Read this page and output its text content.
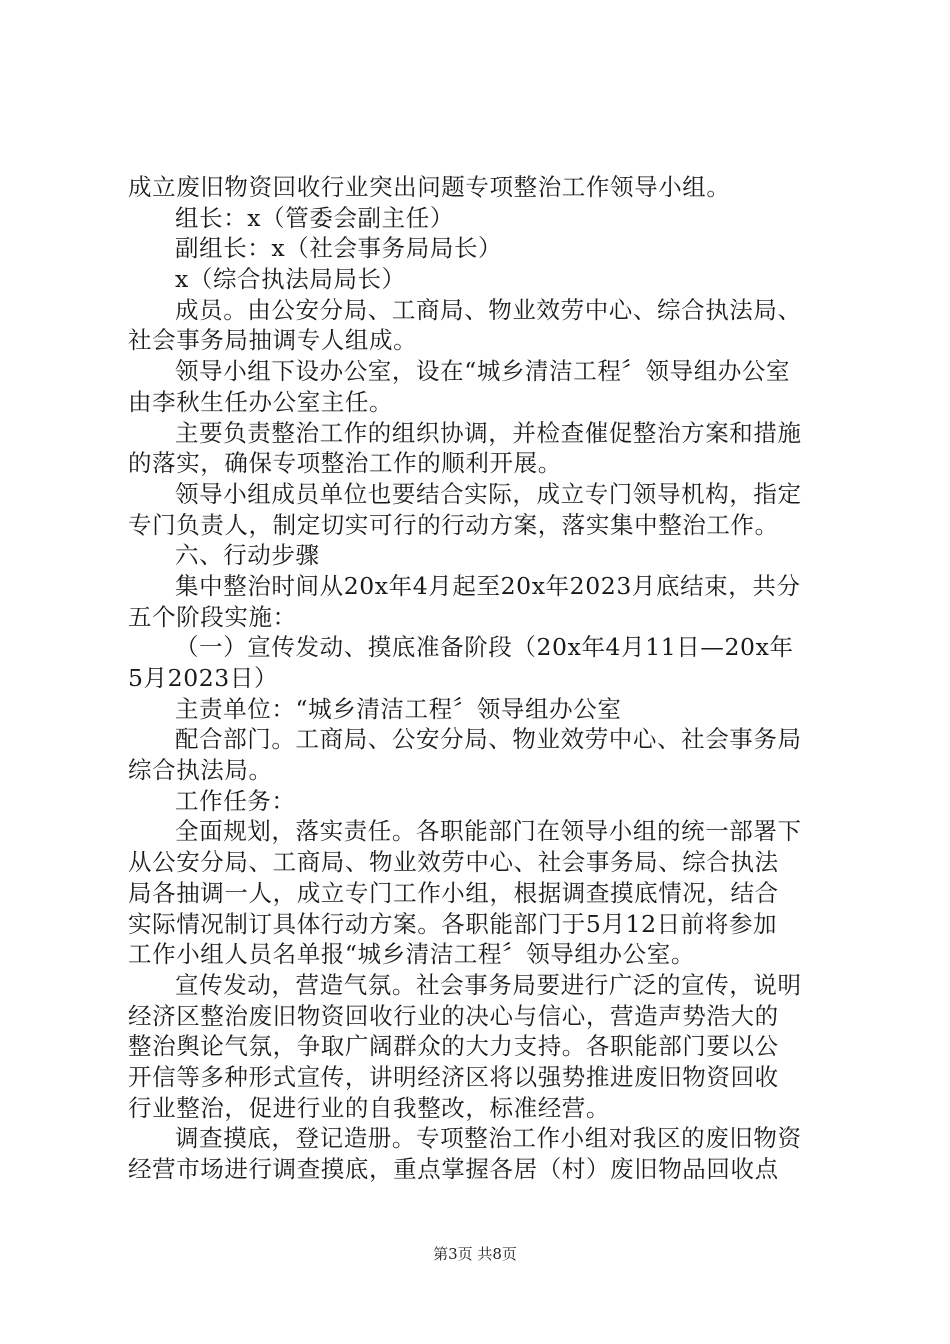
成立废旧物资回收行业突出问题专项整治工作领导小组。
组长：x（管委会副主任）
副组长：x（社会事务局局长）
x（综合执法局局长）
成员。由公安分局、工商局、物业效劳中心、综合执法局、
社会事务局抽调专人组成。
领导小组下设办公室，设在“城乡清洁工程〞领导组办公室
由李秋生任办公室主任。
主要负责整治工作的组织协调，并检查催促整治方案和措施
的落实，确保专项整治工作的顺利开展。
领导小组成员单位也要结合实际，成立专门领导机构，指定
专门负责人，制定切实可行的行动方案，落实集中整治工作。
六、行动步骤
集中整治时间从20x年4月起至20x年2023月底结束，共分
五个阶段实施：
（一）宣传发动、摸底准备阶段（20x年4月11日—20x年
5月2023日）
主责单位：“城乡清洁工程〞领导组办公室
配合部门。工商局、公安分局、物业效劳中心、社会事务局
综合执法局。
工作任务：
全面规划，落实责任。各职能部门在领导小组的统一部署下
从公安分局、工商局、物业效劳中心、社会事务局、综合执法
局各抽调一人，成立专门工作小组，根据调查摸底情况，结合
实际情况制订具体行动方案。各职能部门于5月12日前将参加
工作小组人员名单报“城乡清洁工程〞领导组办公室。
宣传发动，营造气氛。社会事务局要进行广泛的宣传，说明
经济区整治废旧物资回收行业的决心与信心，营造声势浩大的
整治舆论气氛，争取广阔群众的大力支持。各职能部门要以公
开信等多种形式宣传，讲明经济区将以强势推进废旧物资回收
行业整治，促进行业的自我整改，标准经营。
调查摸底，登记造册。专项整治工作小组对我区的废旧物资
经营市场进行调查摸底，重点掌握各居（村）废旧物品回收点
第3页 共8页
